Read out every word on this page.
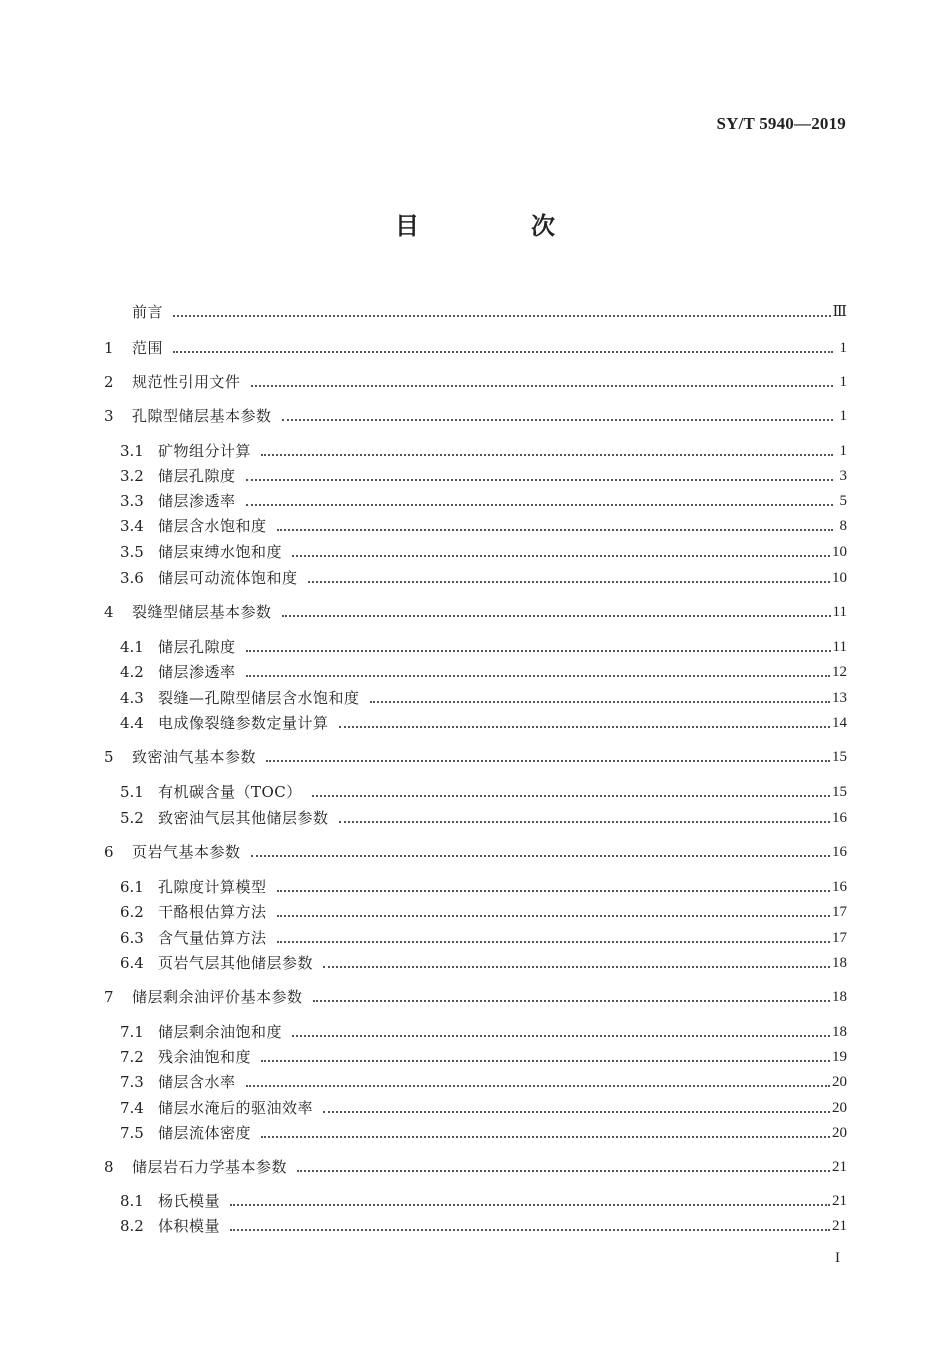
SY/T 5940—2019
目　次
前言	Ⅲ
1	范围	1
2	规范性引用文件	1
3	孔隙型储层基本参数	1
3.1 矿物组分计算	1
3.2 储层孔隙度	3
3.3 储层渗透率	5
3.4 储层含水饱和度	8
3.5 储层束缚水饱和度	10
3.6 储层可动流体饱和度	10
4	裂缝型储层基本参数	11
4.1 储层孔隙度	11
4.2 储层渗透率	12
4.3 裂缝—孔隙型储层含水饱和度	13
4.4 电成像裂缝参数定量计算	14
5	致密油气基本参数	15
5.1 有机碳含量（TOC）	15
5.2 致密油气层其他储层参数	16
6	页岩气基本参数	16
6.1 孔隙度计算模型	16
6.2 干酪根估算方法	17
6.3 含气量估算方法	17
6.4 页岩气层其他储层参数	18
7	储层剩余油评价基本参数	18
7.1 储层剩余油饱和度	18
7.2 残余油饱和度	19
7.3 储层含水率	20
7.4 储层水淹后的驱油效率	20
7.5 储层流体密度	20
8	储层岩石力学基本参数	21
8.1 杨氏模量	21
8.2 体积模量	21
I
